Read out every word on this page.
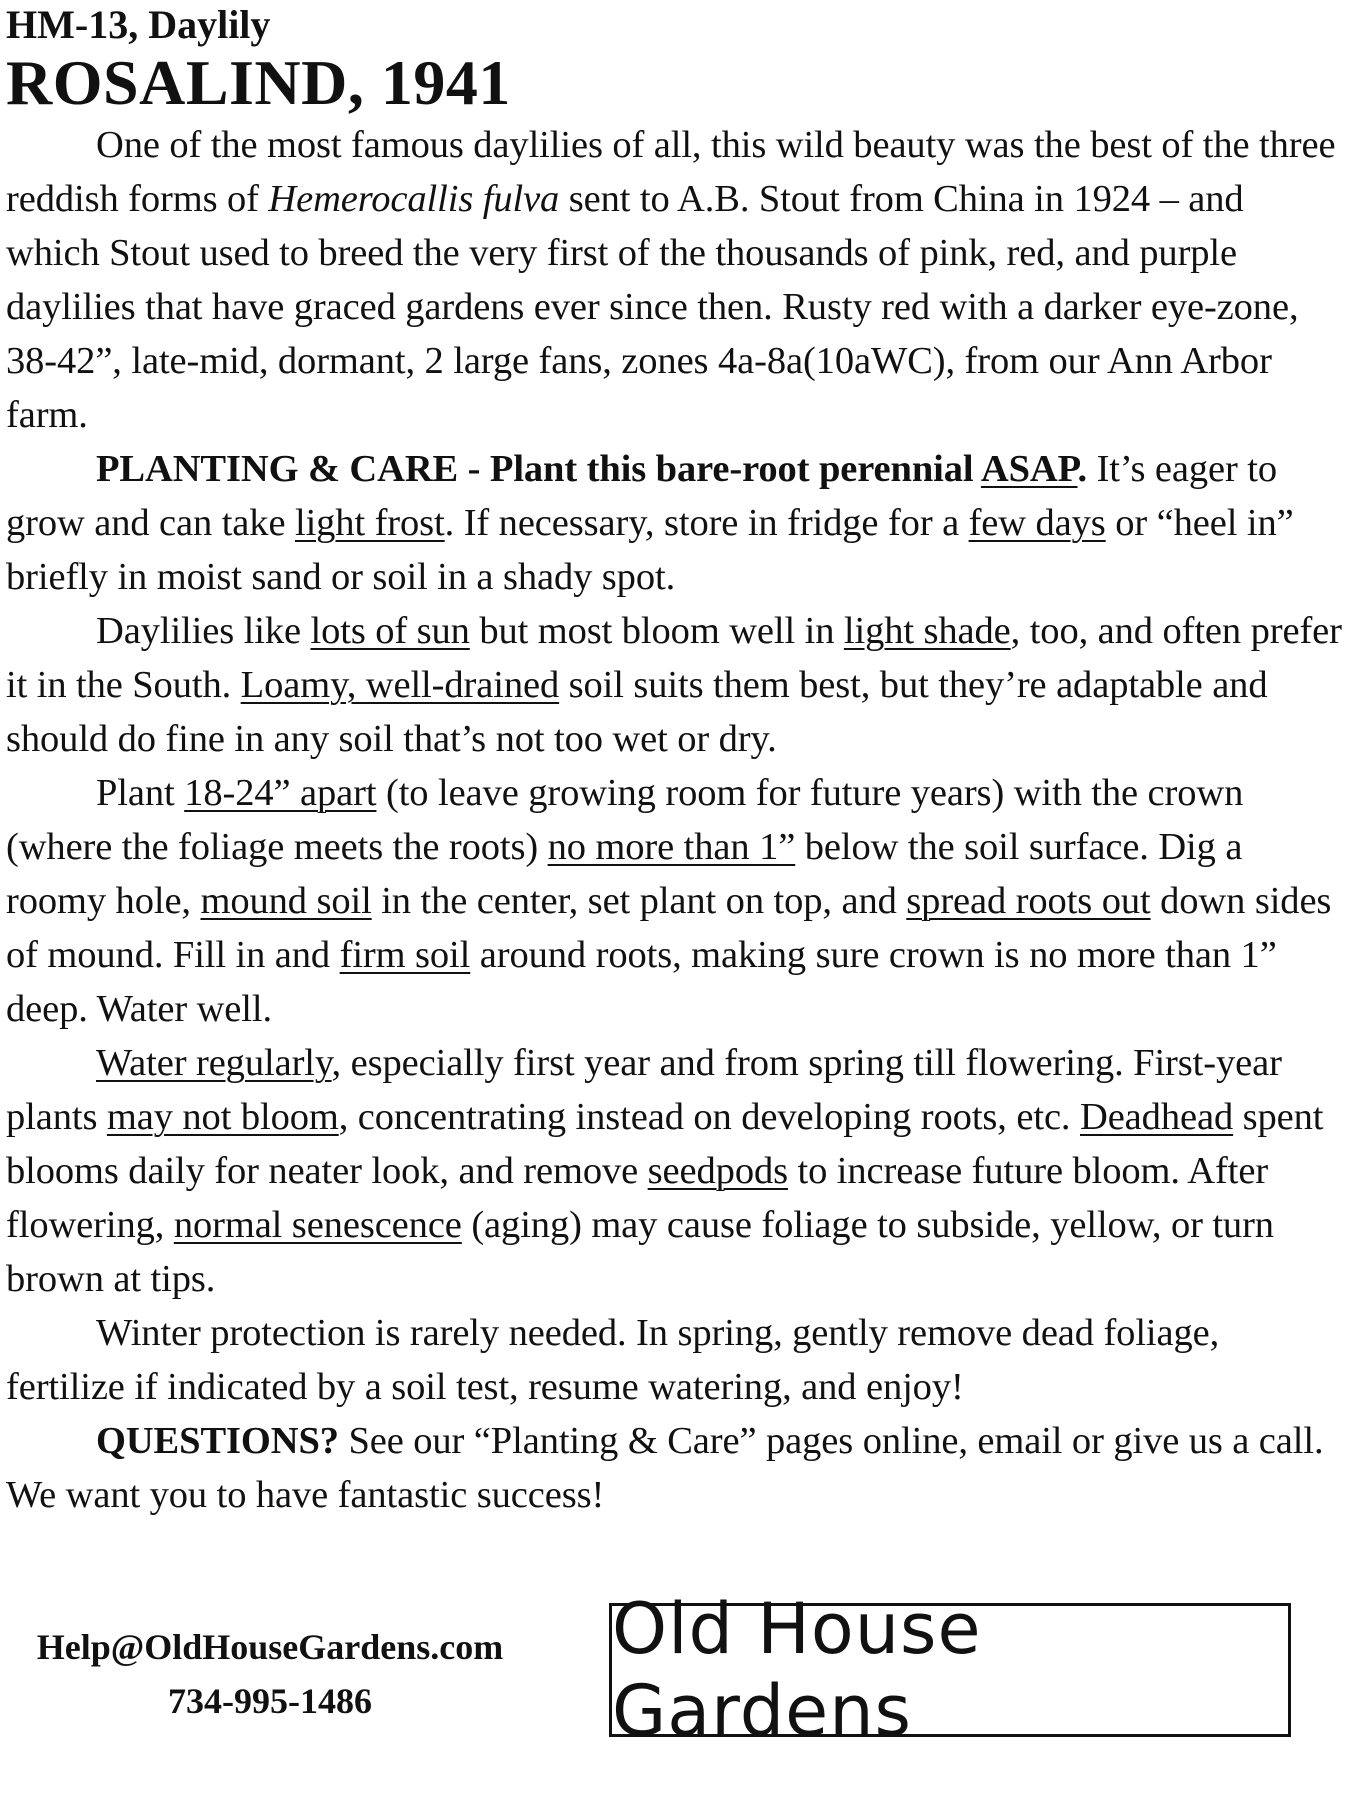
HM-13, Daylily
ROSALIND, 1941

One of the most famous daylilies of all, this wild beauty was the best of the three reddish forms of Hemerocallis fulva sent to A.B. Stout from China in 1924 – and which Stout used to breed the very first of the thousands of pink, red, and purple daylilies that have graced gardens ever since then. Rusty red with a darker eye-zone, 38-42”, late-mid, dormant, 2 large fans, zones 4a-8a(10aWC), from our Ann Arbor farm.

PLANTING & CARE - Plant this bare-root perennial ASAP. It’s eager to grow and can take light frost. If necessary, store in fridge for a few days or “heel in” briefly in moist sand or soil in a shady spot.

Daylilies like lots of sun but most bloom well in light shade, too, and often prefer it in the South. Loamy, well-drained soil suits them best, but they’re adaptable and should do fine in any soil that’s not too wet or dry.

Plant 18-24” apart (to leave growing room for future years) with the crown (where the foliage meets the roots) no more than 1” below the soil surface. Dig a roomy hole, mound soil in the center, set plant on top, and spread roots out down sides of mound. Fill in and firm soil around roots, making sure crown is no more than 1” deep. Water well.

Water regularly, especially first year and from spring till flowering. First-year plants may not bloom, concentrating instead on developing roots, etc. Deadhead spent blooms daily for neater look, and remove seedpods to increase future bloom. After flowering, normal senescence (aging) may cause foliage to subside, yellow, or turn brown at tips.

Winter protection is rarely needed. In spring, gently remove dead foliage, fertilize if indicated by a soil test, resume watering, and enjoy!

QUESTIONS? See our “Planting & Care” pages online, email or give us a call. We want you to have fantastic success!

Help@OldHouseGardens.com
734-995-1486
Old House Gardens
